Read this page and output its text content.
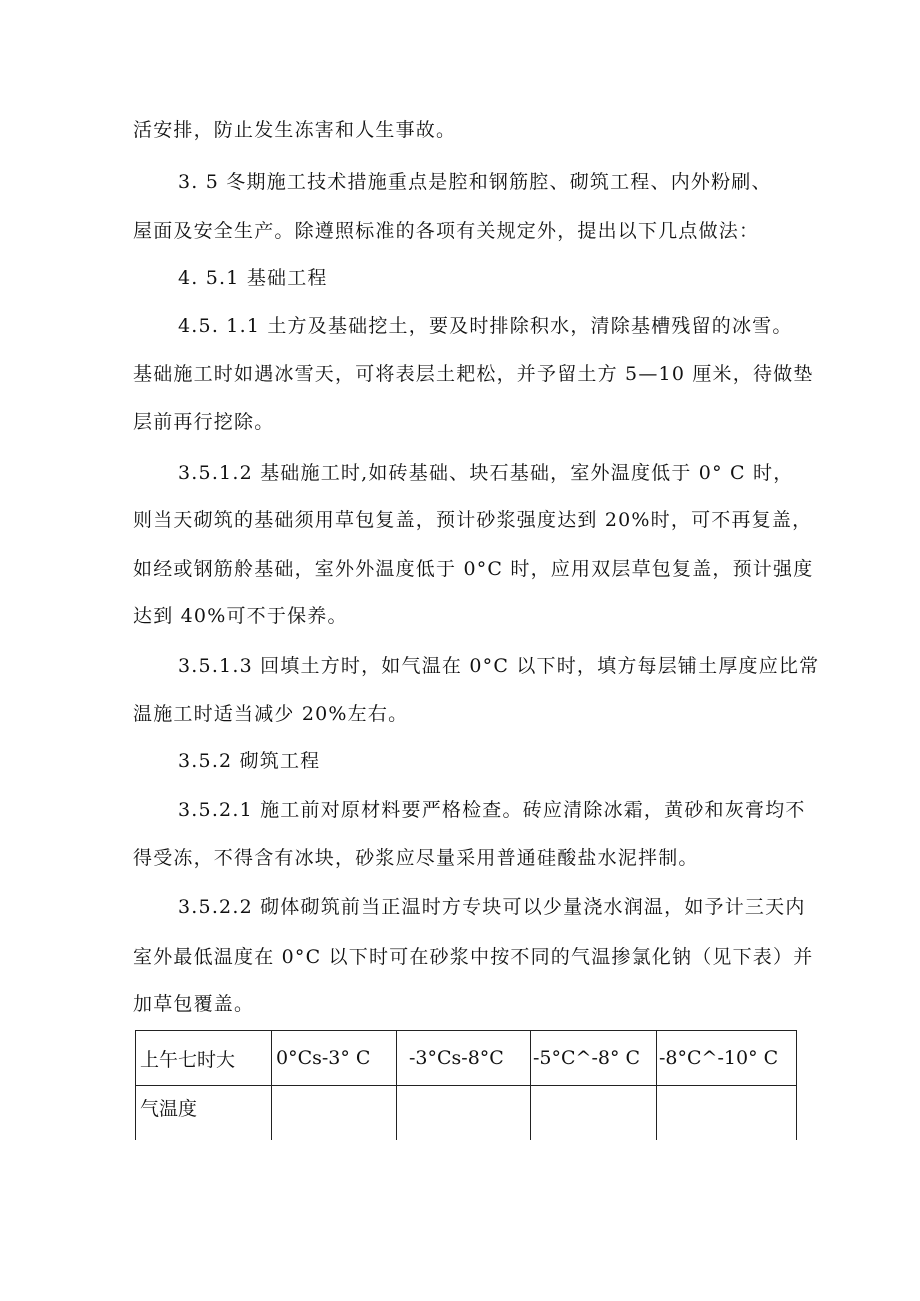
活安排，防止发生冻害和人生事故。
3. 5 冬期施工技术措施重点是腔和钢筋腔、砌筑工程、内外粉刷、
屋面及安全生产。除遵照标准的各项有关规定外，提出以下几点做法：
4. 5.1 基础工程
4.5. 1.1 土方及基础挖土，要及时排除积水，清除基槽残留的冰雪。
基础施工时如遇冰雪天，可将表层土耙松，并予留土方 5—10 厘米，待做垫
层前再行挖除。
3.5.1.2 基础施工时,如砖基础、块石基础，室外温度低于 0° C 时，
则当天砌筑的基础须用草包复盖，预计砂浆强度达到 20%时，可不再复盖，
如经或钢筋舲基础，室外外温度低于 0°C 时，应用双层草包复盖，预计强度
达到 40%可不于保养。
3.5.1.3 回填土方时，如气温在 0°C 以下时，填方每层铺土厚度应比常
温施工时适当减少 20%左右。
3.5.2 砌筑工程
3.5.2.1 施工前对原材料要严格检查。砖应清除冰霜，黄砂和灰膏均不
得受冻，不得含有冰块，砂浆应尽量采用普通硅酸盐水泥拌制。
3.5.2.2 砌体砌筑前当正温时方专块可以少量浇水润温，如予计三天内
室外最低温度在 0°C 以下时可在砂浆中按不同的气温掺氯化钠（见下表）并
加草包覆盖。
上午七时大	0°Cs-3° C	-3°Cs-8°C	-5°C^-8° C	-8°C^-10° C
气温度				
